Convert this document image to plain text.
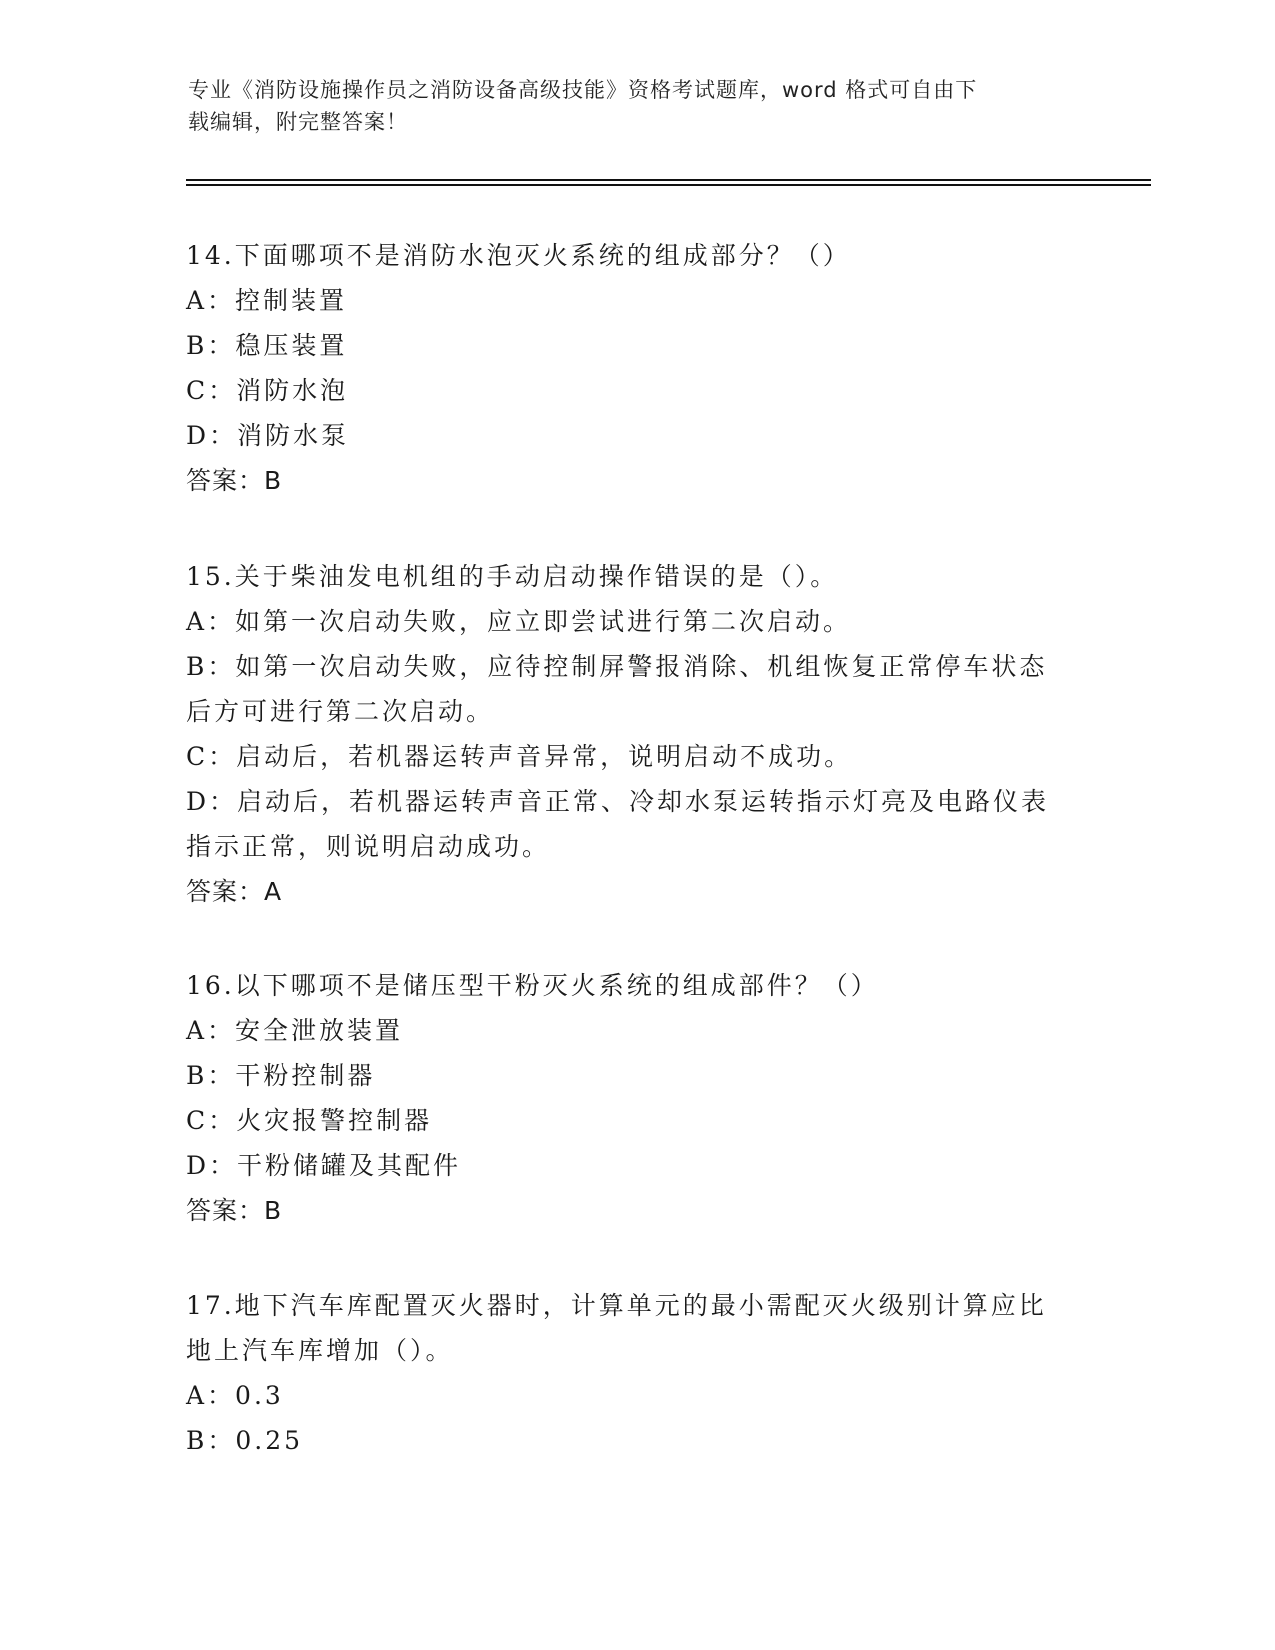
专业《消防设施操作员之消防设备高级技能》资格考试题库，word 格式可自由下
载编辑，附完整答案！
14.下面哪项不是消防水泡灭火系统的组成部分？（）
A：控制装置
B：稳压装置
C：消防水泡
D：消防水泵
答案：B
15.关于柴油发电机组的手动启动操作错误的是（）。
A：如第一次启动失败，应立即尝试进行第二次启动。
B：如第一次启动失败，应待控制屏警报消除、机组恢复正常停车状态
后方可进行第二次启动。
C：启动后，若机器运转声音异常，说明启动不成功。
D：启动后，若机器运转声音正常、冷却水泵运转指示灯亮及电路仪表
指示正常，则说明启动成功。
答案：A
16.以下哪项不是储压型干粉灭火系统的组成部件？（）
A：安全泄放装置
B：干粉控制器
C：火灾报警控制器
D：干粉储罐及其配件
答案：B
17.地下汽车库配置灭火器时，计算单元的最小需配灭火级别计算应比
地上汽车库增加（）。
A：0.3
B：0.25
